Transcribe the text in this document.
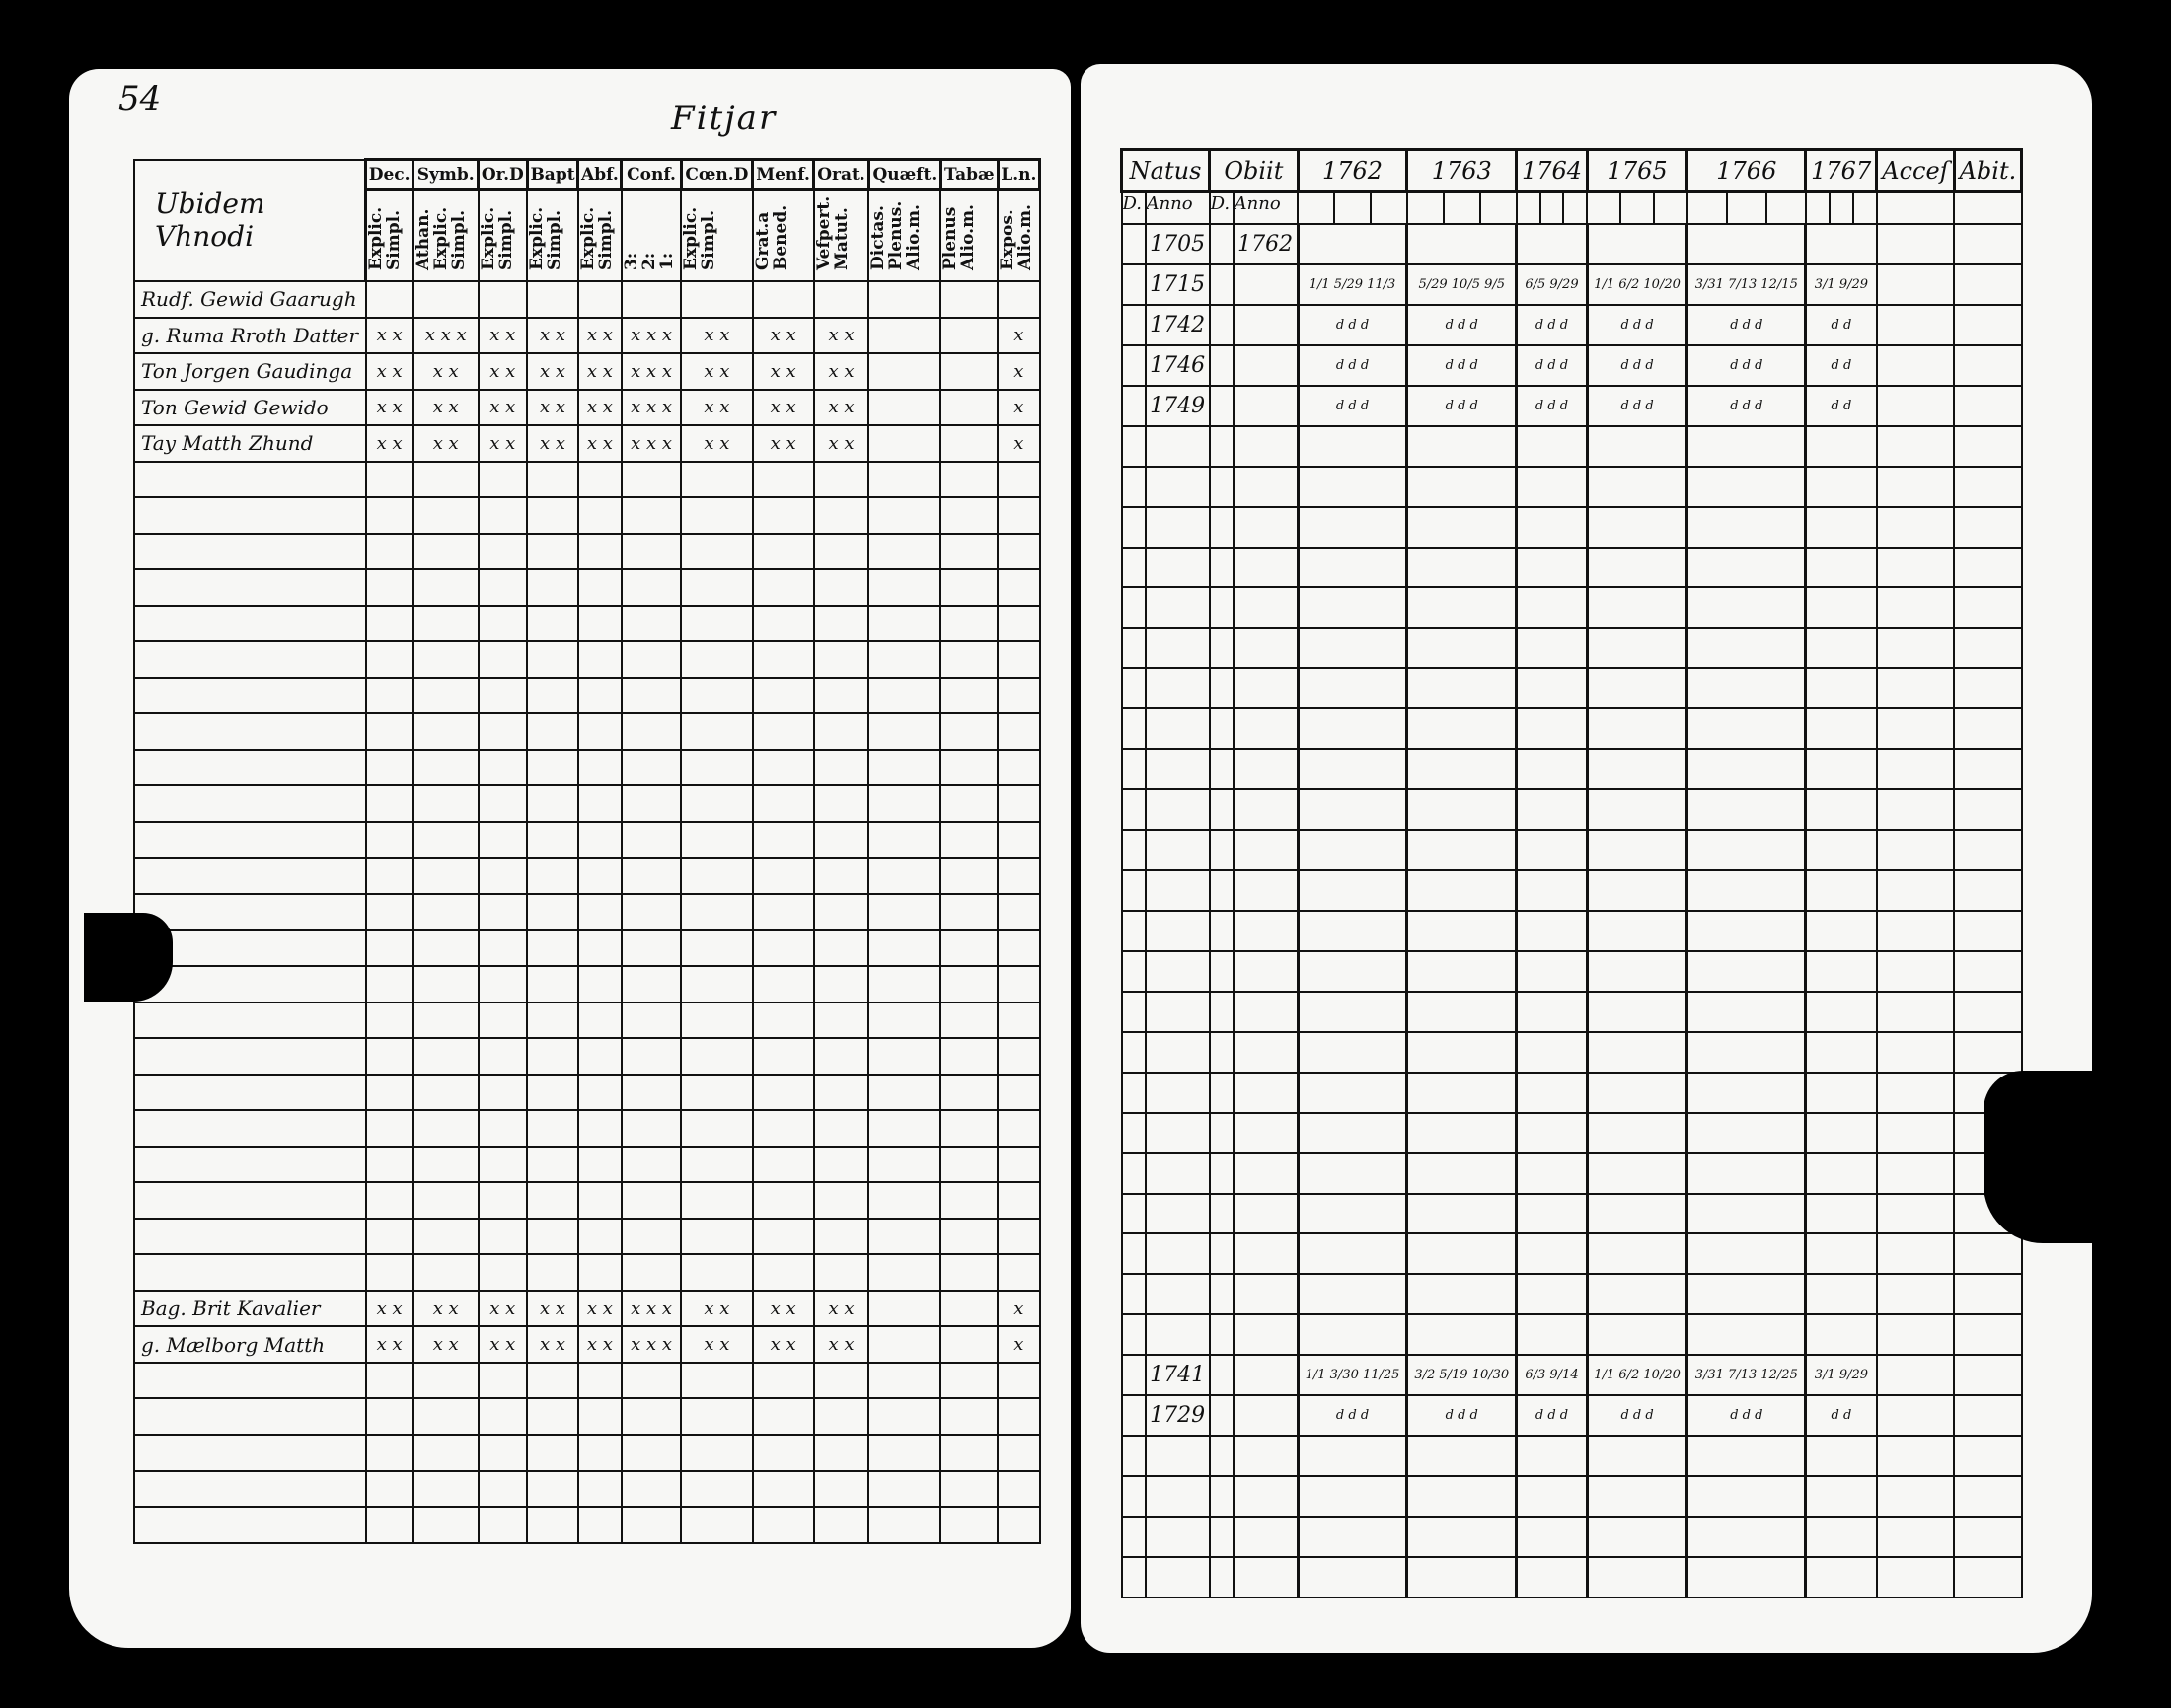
54	Fitjar
Ubidem Vhnodi	Dec.	Symb.	Or.D	Bapt	Abf.	Conf.	Cœn.D	Menf.	Orat.	Quæft.	Tabæ	L.n.
	Explic.Simpl.	Athan.Explic.Simpl.	Explic.Simpl.	Explic.Simpl.	Explic.Simpl.	3:2:1:	Explic.Simpl.	Grat.aBened.	Vefpert.Matut.	Dictas.Plenus.Alio.m.	PlenusAlio.m.	Expos.Alio.m.
Rudf. Gewid Gaarugh												
g. Ruma Rroth Datter	x x	x x x	x x	x x	x x	x x x	x x	x x	x x			x
Ton Jorgen Gaudinga	x x	x x	x x	x x	x x	x x x	x x	x x	x x			x
Ton Gewid Gewido	x x	x x	x x	x x	x x	x x x	x x	x x	x x			x
Tay Matth Zhund	x x	x x	x x	x x	x x	x x x	x x	x x	x x			x

Bag. Brit Kavalier	x x	x x	x x	x x	x x	x x x	x x	x x	x x			x
g. Mælborg Matth	x x	x x	x x	x x	x x	x x x	x x	x x	x x			x

Natus		Obiit		1762			1763			1764			1765			1766			1767			Acceſ	Abit.
D.	Anno	D.	Anno																				
	1705		1762																				
	1715			1/1 5/29 11/3			5/29 10/5 9/5			6/5 9/29			1/1 6/2 10/20			3/31 7/13 12/15			3/1 9/29				
	1742			d d d			d d d			d d d			d d d			d d d			d d				
	1746			d d d			d d d			d d d			d d d			d d d			d d				
	1749			d d d			d d d			d d d			d d d			d d d			d d				

	1741			1/1 3/30 11/25			3/2 5/19 10/30			6/3 9/14			1/1 6/2 10/20			3/31 7/13 12/25			3/1 9/29				
	1729			d d d			d d d			d d d			d d d			d d d			d d				
